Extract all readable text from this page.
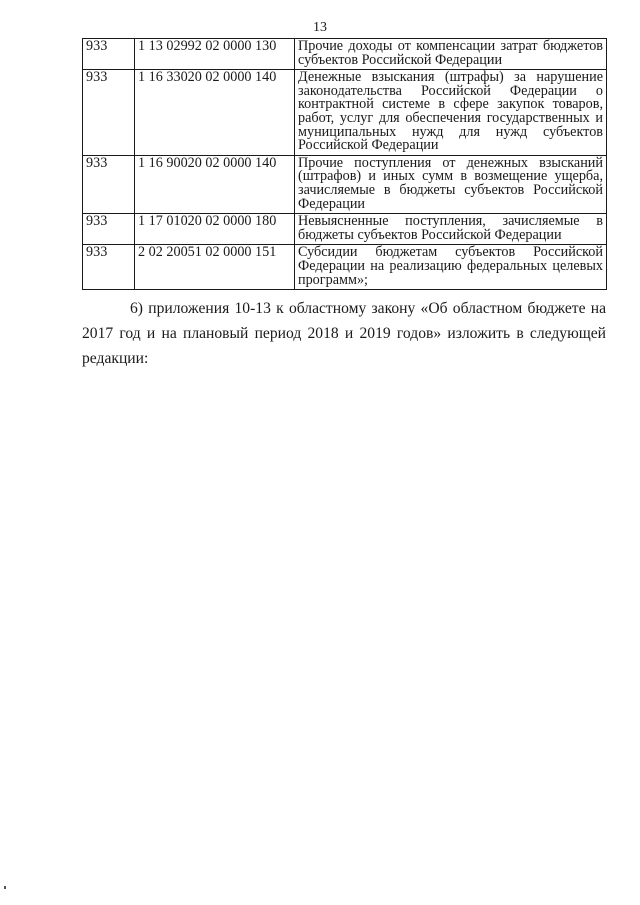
13
933	1 13 02992 02 0000 130	Прочие доходы от компенсации затрат бюджетов субъектов Российской Федерации
933	1 16 33020 02 0000 140	Денежные взыскания (штрафы) за нарушение законодательства Российской Федерации о контрактной системе в сфере закупок товаров, работ, услуг для обеспечения государственных и муниципальных нужд для нужд субъектов Российской Федерации
933	1 16 90020 02 0000 140	Прочие поступления от денежных взысканий (штрафов) и иных сумм в возмещение ущерба, зачисляемые в бюджеты субъектов Российской Федерации
933	1 17 01020 02 0000 180	Невыясненные поступления, зачисляемые в бюджеты субъектов Российской Федерации
933	2 02 20051 02 0000 151	Субсидии бюджетам субъектов Российской Федерации на реализацию федеральных целевых программ»;

6) приложения 10-13 к областному закону «Об областном бюджете на 2017 год и на плановый период 2018 и 2019 годов» изложить в следующей редакции:
